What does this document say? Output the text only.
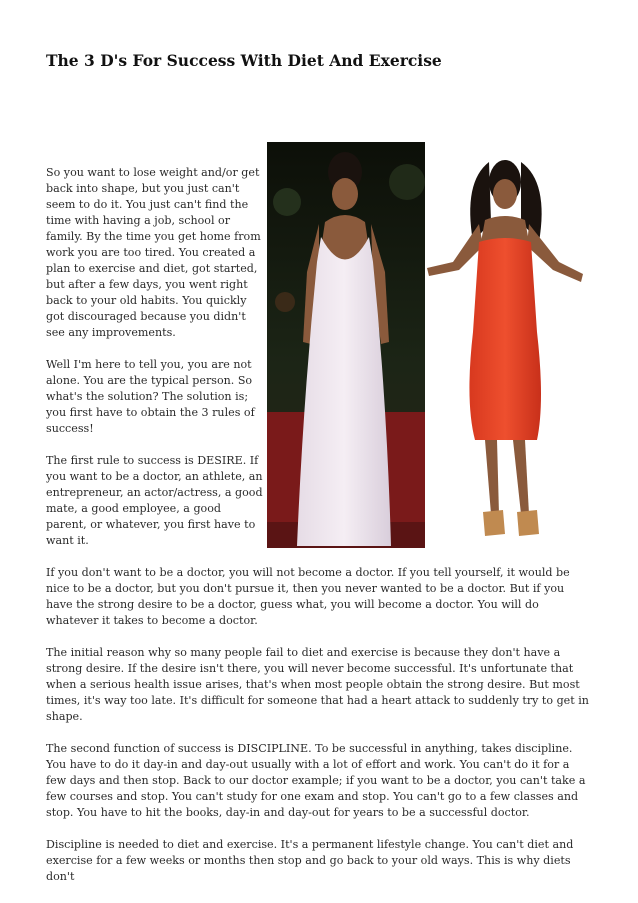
The 3 D's For Success With Diet And Exercise

So you want to lose weight and/or get back into shape, but you just can't seem to do it. You just can't find the time with having a job, school or family. By the time you get home from work you are too tired. You created a plan to exercise and diet, got started, but after a few days, you went right back to your old habits. You quickly got discouraged because you didn't see any improvements.

Well I'm here to tell you, you are not alone. You are the typical person. So what's the solution? The solution is; you first have to obtain the 3 rules of success!

The first rule to success is DESIRE. If you want to be a doctor, an athlete, an entrepreneur, an actor/actress, a good mate, a good employee, a good parent, or whatever, you first have to want it.

If you don't want to be a doctor, you will not become a doctor. If you tell yourself, it would be nice to be a doctor, but you don't pursue it, then you never wanted to be a doctor. But if you have the strong desire to be a doctor, guess what, you will become a doctor. You will do whatever it takes to become a doctor.

The initial reason why so many people fail to diet and exercise is because they don't have a strong desire. If the desire isn't there, you will never become successful. It's unfortunate that when a serious health issue arises, that's when most people obtain the strong desire. But most times, it's way too late. It's difficult for someone that had a heart attack to suddenly try to get in shape.

The second function of success is DISCIPLINE. To be successful in anything, takes discipline. You have to do it day-in and day-out usually with a lot of effort and work. You can't do it for a few days and then stop. Back to our doctor example; if you want to be a doctor, you can't take a few courses and stop. You can't study for one exam and stop. You can't go to a few classes and stop. You have to hit the books, day-in and day-out for years to be a successful doctor.

Discipline is needed to diet and exercise. It's a permanent lifestyle change. You can't diet and exercise for a few weeks or months then stop and go back to your old ways. This is why diets don't
